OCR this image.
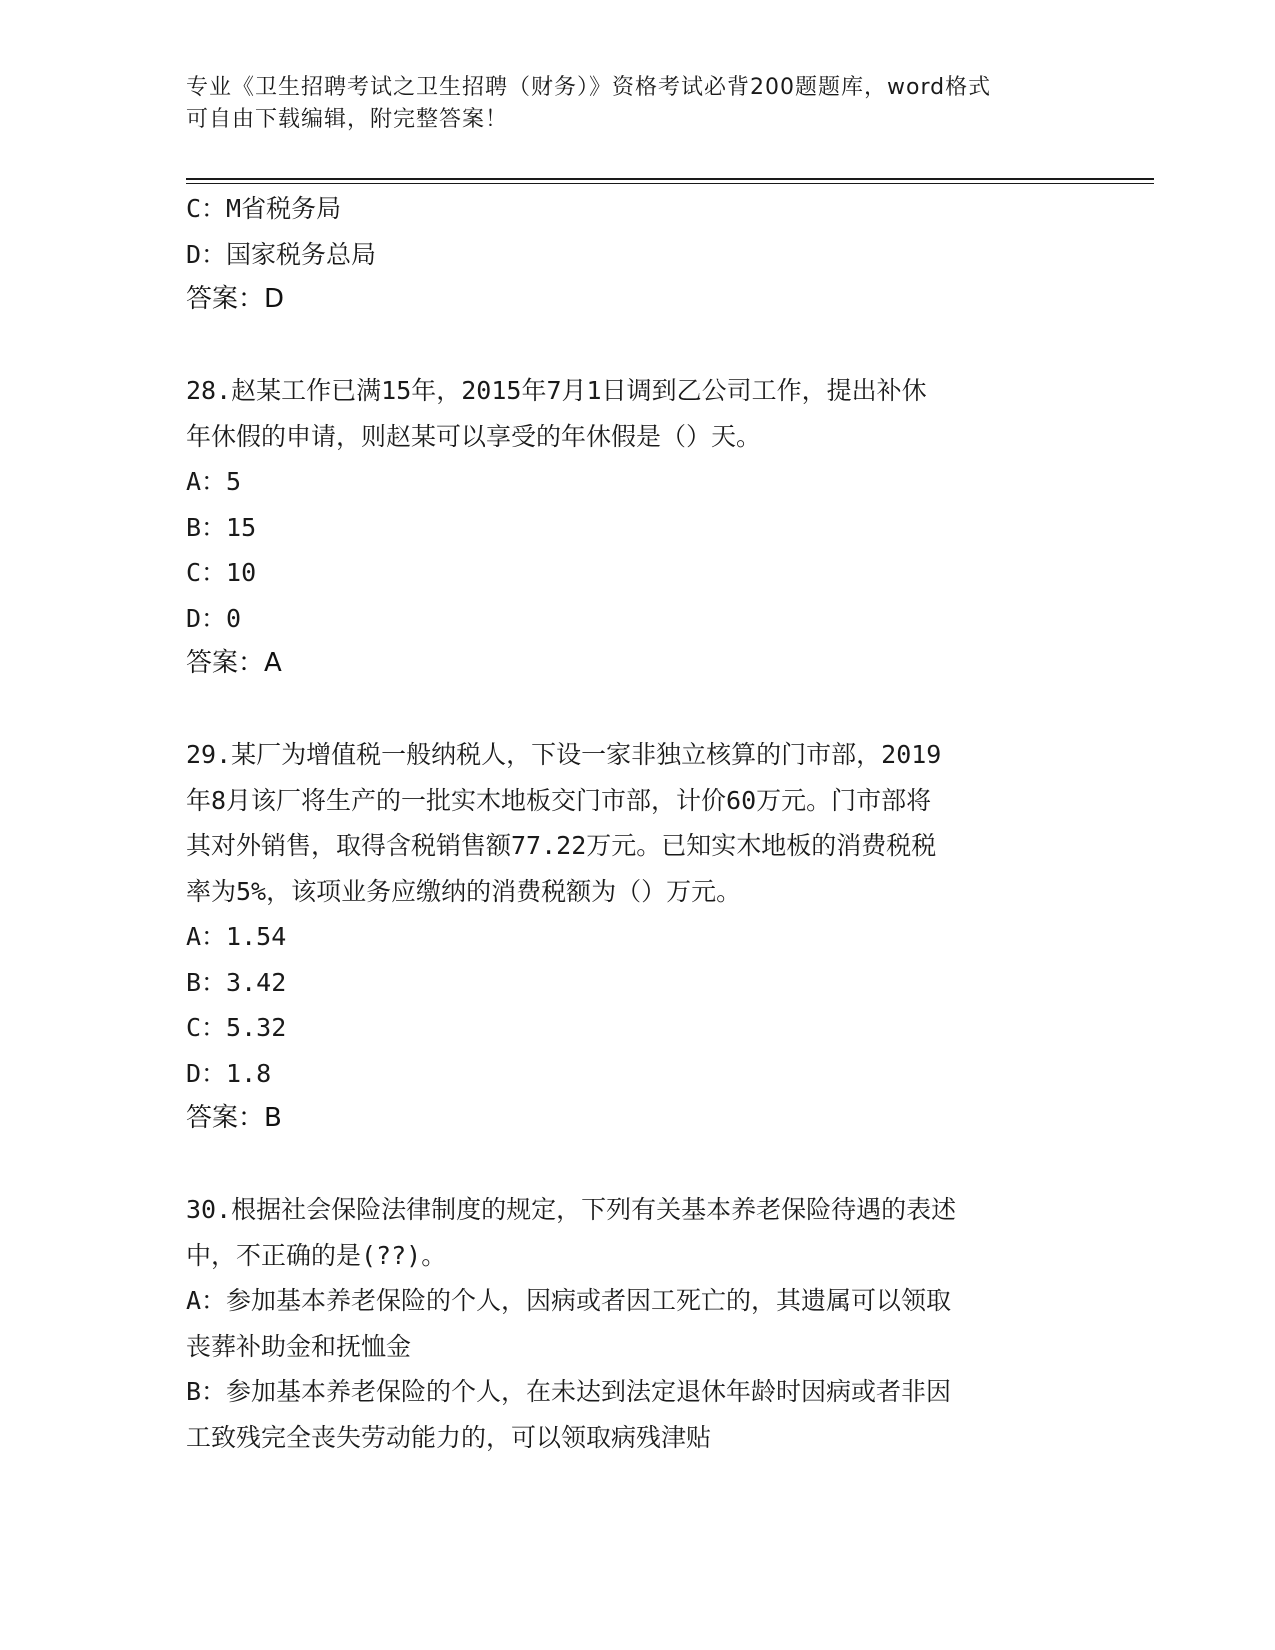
专业《卫生招聘考试之卫生招聘（财务）》资格考试必背200题题库，word格式
可自由下载编辑，附完整答案！

C：M省税务局

D：国家税务总局

答案：D

28.赵某工作已满15年，2015年7月1日调到乙公司工作，提出补休

年休假的申请，则赵某可以享受的年休假是（）天。

A：5

B：15

C：10

D：0

答案：A

29.某厂为增值税一般纳税人，下设一家非独立核算的门市部，2019

年8月该厂将生产的一批实木地板交门市部，计价60万元。门市部将

其对外销售，取得含税销售额77.22万元。已知实木地板的消费税税

率为5%，该项业务应缴纳的消费税额为（）万元。

A：1.54

B：3.42

C：5.32

D：1.8

答案：B

30.根据社会保险法律制度的规定，下列有关基本养老保险待遇的表述

中，不正确的是(??)。

A：参加基本养老保险的个人，因病或者因工死亡的，其遗属可以领取

丧葬补助金和抚恤金

B：参加基本养老保险的个人，在未达到法定退休年龄时因病或者非因

工致残完全丧失劳动能力的，可以领取病残津贴
